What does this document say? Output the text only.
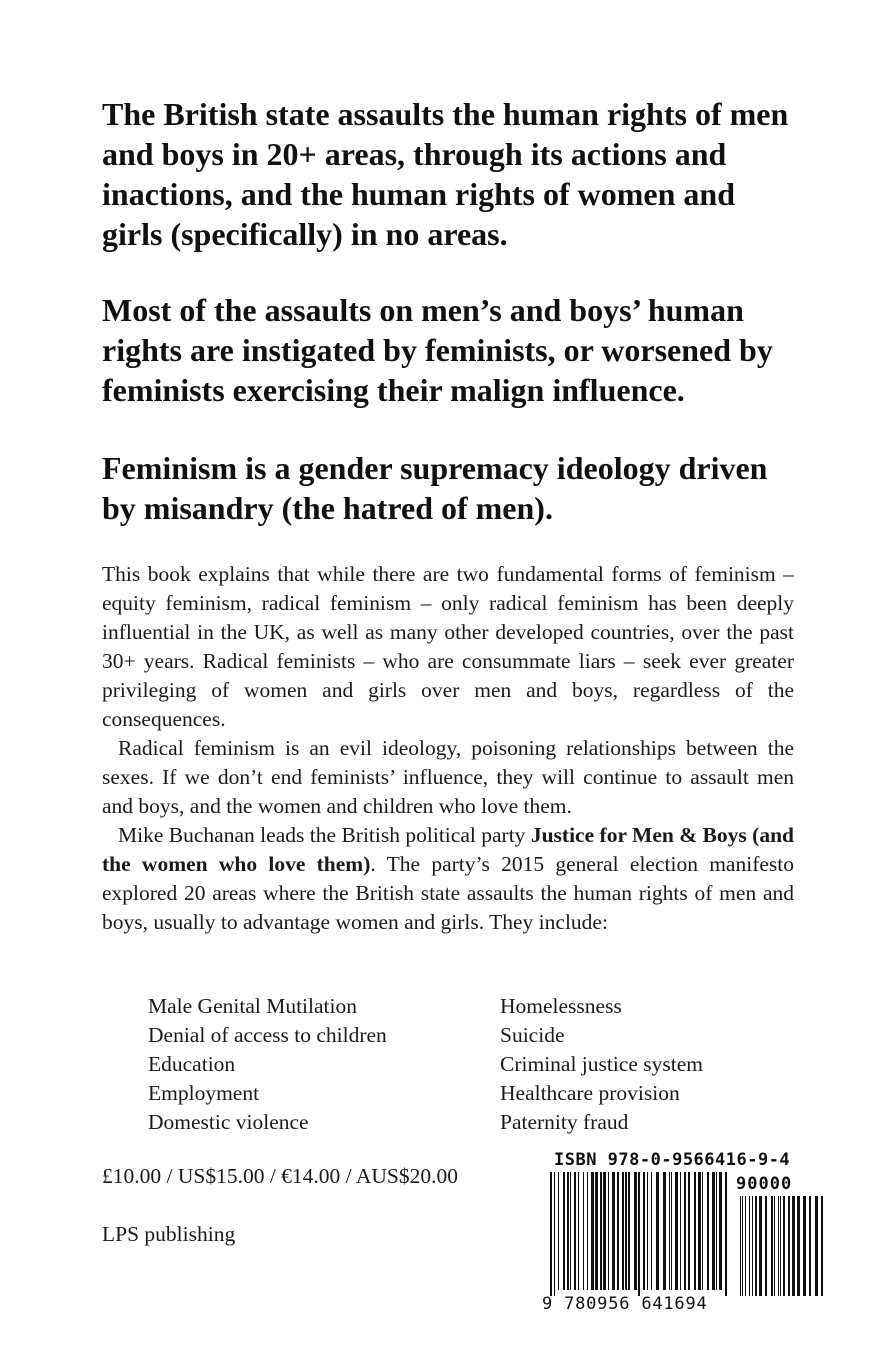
The British state assaults the human rights of men and boys in 20+ areas, through its actions and inactions, and the human rights of women and girls (specifically) in no areas.

Most of the assaults on men’s and boys’ human rights are instigated by feminists, or worsened by feminists exercising their malign influence.

Feminism is a gender supremacy ideology driven by misandry (the hatred of men).

This book explains that while there are two fundamental forms of feminism – equity feminism, radical feminism – only radical feminism has been deeply influential in the UK, as well as many other developed countries, over the past 30+ years. Radical feminists – who are consummate liars – seek ever greater privileging of women and girls over men and boys, regardless of the consequences.

Radical feminism is an evil ideology, poisoning relationships between the sexes. If we don’t end feminists’ influence, they will continue to assault men and boys, and the women and children who love them.

Mike Buchanan leads the British political party Justice for Men & Boys (and the women who love them). The party’s 2015 general election manifesto explored 20 areas where the British state assaults the human rights of men and boys, usually to advantage women and girls. They include:

Male Genital Mutilation
Denial of access to children
Education
Employment
Domestic violence
Homelessness
Suicide
Criminal justice system
Healthcare provision
Paternity fraud
£10.00 / US$15.00 / €14.00 / AUS$20.00
LPS publishing
ISBN 978-0-9566416-9-4
90000
9 780956 641694
